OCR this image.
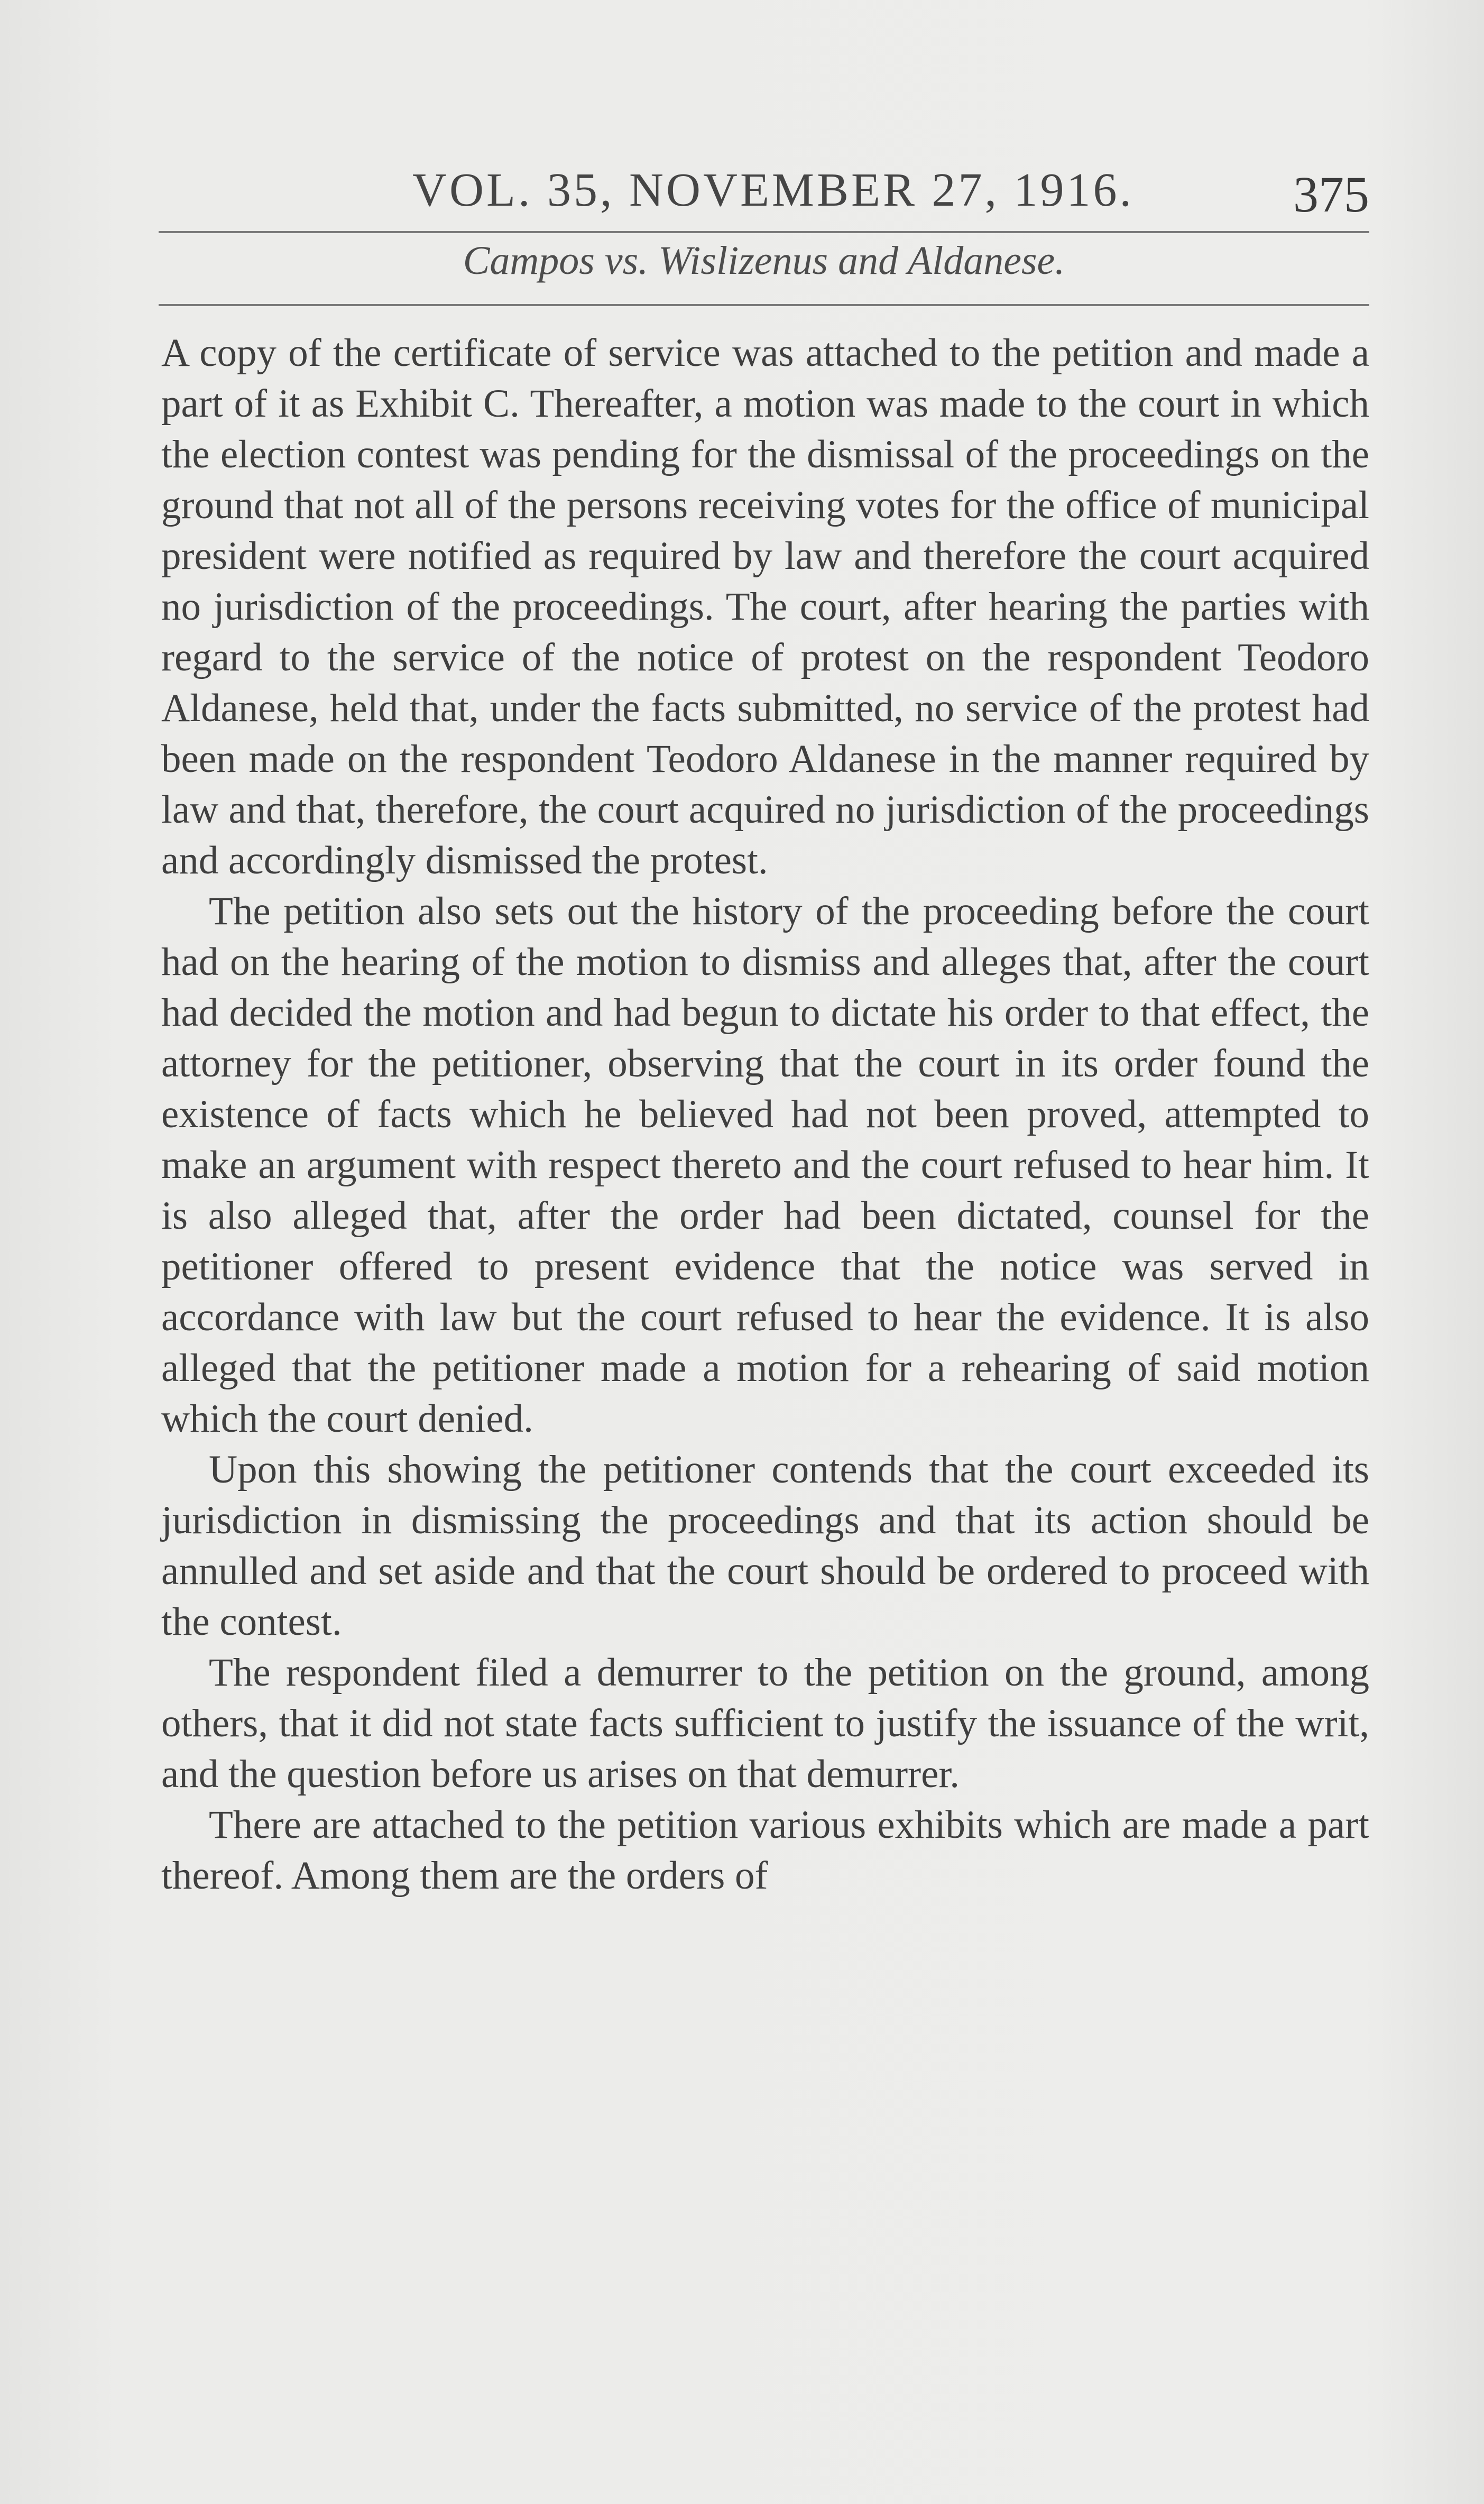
VOL. 35, NOVEMBER 27, 1916.	375
Campos vs. Wislizenus and Aldanese.

A copy of the certificate of service was attached to the petition and made a part of it as Exhibit C. Thereafter, a motion was made to the court in which the election contest was pending for the dismissal of the proceedings on the ground that not all of the persons receiving votes for the office of municipal president were notified as required by law and therefore the court acquired no jurisdiction of the proceedings. The court, after hearing the parties with regard to the service of the notice of protest on the respondent Teodoro Aldanese, held that, under the facts submitted, no service of the protest had been made on the respondent Teodoro Aldanese in the manner required by law and that, therefore, the court acquired no jurisdiction of the proceedings and accordingly dismissed the protest.

The petition also sets out the history of the proceeding before the court had on the hearing of the motion to dismiss and alleges that, after the court had decided the motion and had begun to dictate his order to that effect, the attorney for the petitioner, observing that the court in its order found the existence of facts which he believed had not been proved, attempted to make an argument with respect thereto and the court refused to hear him. It is also alleged that, after the order had been dictated, counsel for the petitioner offered to present evidence that the notice was served in accordance with law but the court refused to hear the evidence. It is also alleged that the petitioner made a motion for a rehearing of said motion which the court denied.

Upon this showing the petitioner contends that the court exceeded its jurisdiction in dismissing the proceedings and that its action should be annulled and set aside and that the court should be ordered to proceed with the contest.

The respondent filed a demurrer to the petition on the ground, among others, that it did not state facts sufficient to justify the issuance of the writ, and the question before us arises on that demurrer.

There are attached to the petition various exhibits which are made a part thereof. Among them are the orders of
